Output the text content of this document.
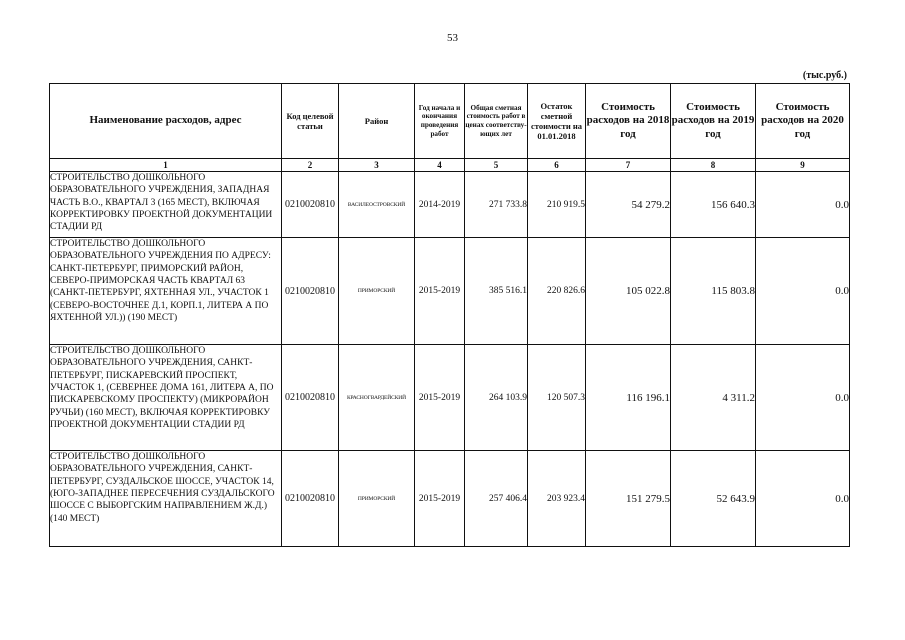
53
(тыс.руб.)
Наименование расходов, адрес	Код целевой статьи	Район	Год начала и окончания проведения работ	Общая сметная стоимость работ в ценах соответству-ющих лет	Остаток сметной стоимости на 01.01.2018	Стоимость расходов на 2018 год	Стоимость расходов на 2019 год	Стоимость расходов на 2020 год
1	2	3	4	5	6	7	8	9
СТРОИТЕЛЬСТВО ДОШКОЛЬНОГО ОБРАЗОВАТЕЛЬНОГО УЧРЕЖДЕНИЯ, ЗАПАДНАЯ ЧАСТЬ В.О., КВАРТАЛ 3 (165 МЕСТ), ВКЛЮЧАЯ КОРРЕКТИРОВКУ ПРОЕКТНОЙ ДОКУМЕНТАЦИИ СТАДИИ РД	0210020810	ВАСИЛЕОСТРОВСКИЙ	2014-2019	271 733.8	210 919.5	54 279.2	156 640.3	0.0
СТРОИТЕЛЬСТВО ДОШКОЛЬНОГО ОБРАЗОВАТЕЛЬНОГО УЧРЕЖДЕНИЯ ПО АДРЕСУ: САНКТ-ПЕТЕРБУРГ, ПРИМОРСКИЙ РАЙОН, СЕВЕРО-ПРИМОРСКАЯ ЧАСТЬ КВАРТАЛ 63 (САНКТ-ПЕТЕРБУРГ, ЯХТЕННАЯ УЛ., УЧАСТОК 1 (СЕВЕРО-ВОСТОЧНЕЕ Д.1, КОРП.1, ЛИТЕРА А ПО ЯХТЕННОЙ УЛ.)) (190 МЕСТ)	0210020810	ПРИМОРСКИЙ	2015-2019	385 516.1	220 826.6	105 022.8	115 803.8	0.0
СТРОИТЕЛЬСТВО ДОШКОЛЬНОГО ОБРАЗОВАТЕЛЬНОГО УЧРЕЖДЕНИЯ, САНКТ-ПЕТЕРБУРГ, ПИСКАРЕВСКИЙ ПРОСПЕКТ, УЧАСТОК 1, (СЕВЕРНЕЕ ДОМА 161, ЛИТЕРА А, ПО ПИСКАРЕВСКОМУ ПРОСПЕКТУ) (МИКРОРАЙОН РУЧЬИ) (160 МЕСТ), ВКЛЮЧАЯ КОРРЕКТИРОВКУ ПРОЕКТНОЙ ДОКУМЕНТАЦИИ СТАДИИ РД	0210020810	КРАСНОГВАРДЕЙСКИЙ	2015-2019	264 103.9	120 507.3	116 196.1	4 311.2	0.0
СТРОИТЕЛЬСТВО ДОШКОЛЬНОГО ОБРАЗОВАТЕЛЬНОГО УЧРЕЖДЕНИЯ, САНКТ-ПЕТЕРБУРГ, СУЗДАЛЬСКОЕ ШОССЕ, УЧАСТОК 14, (ЮГО-ЗАПАДНЕЕ ПЕРЕСЕЧЕНИЯ СУЗДАЛЬСКОГО ШОССЕ С ВЫБОРГСКИМ НАПРАВЛЕНИЕМ Ж.Д.) (140 МЕСТ)	0210020810	ПРИМОРСКИЙ	2015-2019	257 406.4	203 923.4	151 279.5	52 643.9	0.0
